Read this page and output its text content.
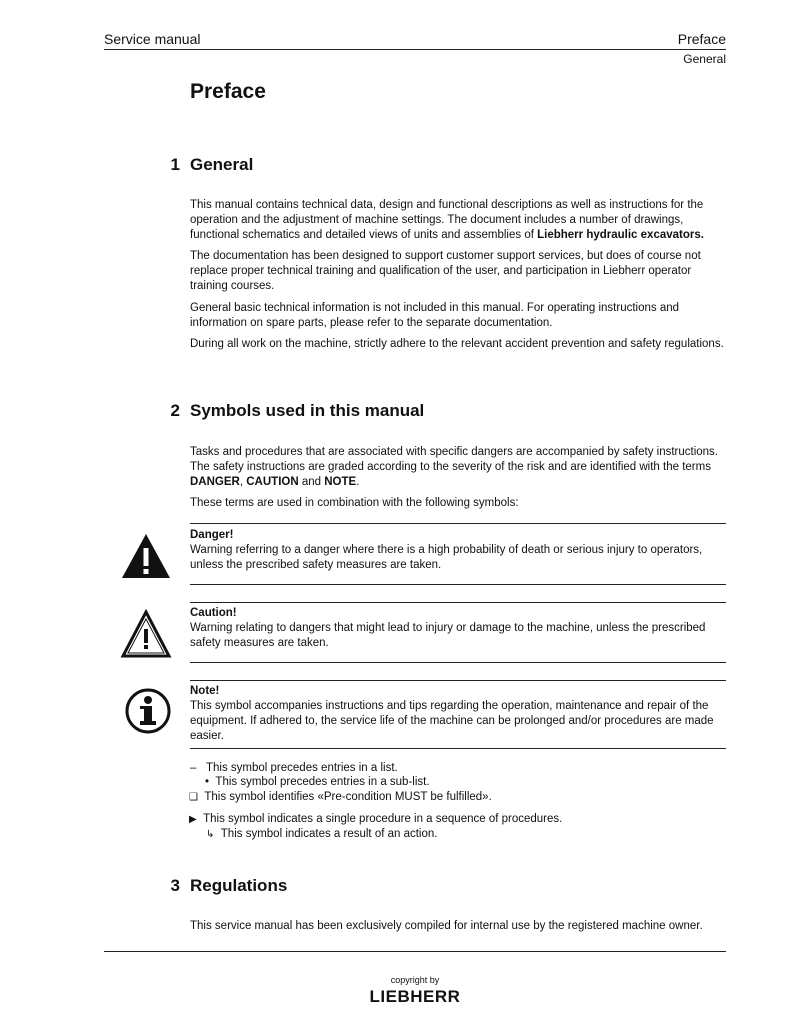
Service manual	Preface
General
Preface
1 General
This manual contains technical data, design and functional descriptions as well as instructions for the operation and the adjustment of machine settings. The document includes a number of drawings, functional schematics and detailed views of units and assemblies of Liebherr hydraulic excavators.
The documentation has been designed to support customer support services, but does of course not replace proper technical training and qualification of the user, and participation in Liebherr operator training courses.
General basic technical information is not included in this manual. For operating instructions and information on spare parts, please refer to the separate documentation.
During all work on the machine, strictly adhere to the relevant accident prevention and safety regulations.
2 Symbols used in this manual
Tasks and procedures that are associated with specific dangers are accompanied by safety instructions. The safety instructions are graded according to the severity of the risk and are identified with the terms DANGER, CAUTION and NOTE.
These terms are used in combination with the following symbols:
Danger!
Warning referring to a danger where there is a high probability of death or serious injury to operators, unless the prescribed safety measures are taken.
Caution!
Warning relating to dangers that might lead to injury or damage to the machine, unless the prescribed safety measures are taken.
Note!
This symbol accompanies instructions and tips regarding the operation, maintenance and repair of the equipment. If adhered to, the service life of the machine can be prolonged and/or procedures are made easier.
– This symbol precedes entries in a list.
• This symbol precedes entries in a sub-list.
❑ This symbol identifies «Pre-condition MUST be fulfilled».
▶ This symbol indicates a single procedure in a sequence of procedures.
↳ This symbol indicates a result of an action.
3 Regulations
This service manual has been exclusively compiled for internal use by the registered machine owner.
copyright by
LIEBHERR
